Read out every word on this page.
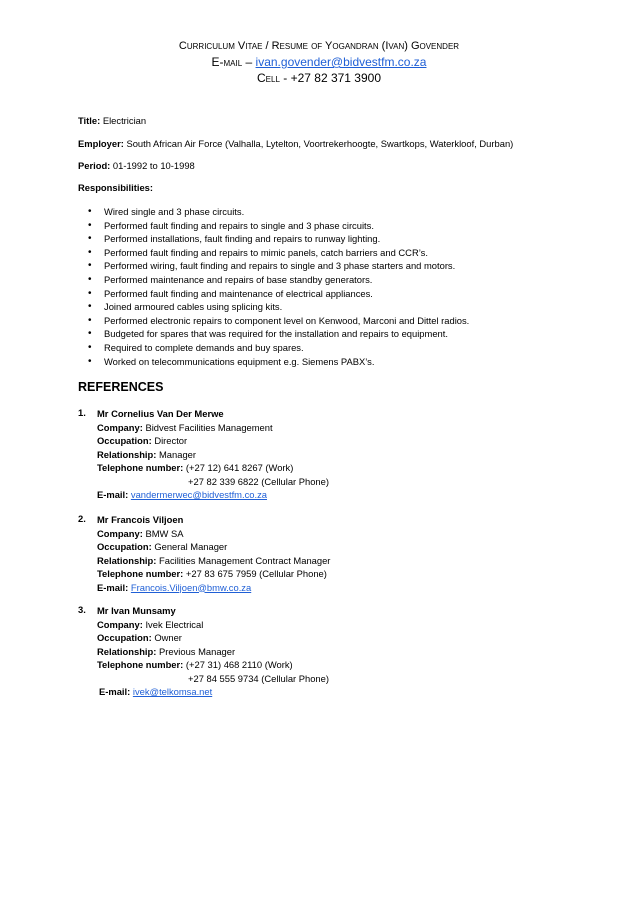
Curriculum Vitae / Resume of Yogandran (Ivan) Govender
E-mail – ivan.govender@bidvestfm.co.za
Cell - +27 82 371 3900
Title: Electrician
Employer: South African Air Force (Valhalla, Lytelton, Voortrekerhoogte, Swartkops, Waterkloof, Durban)
Period: 01-1992 to 10-1998
Responsibilities:
• Wired single and 3 phase circuits.
• Performed fault finding and repairs to single and 3 phase circuits.
• Performed installations, fault finding and repairs to runway lighting.
• Performed fault finding and repairs to mimic panels, catch barriers and CCR’s.
• Performed wiring, fault finding and repairs to single and 3 phase starters and motors.
• Performed maintenance and repairs of base standby generators.
• Performed fault finding and maintenance of electrical appliances.
• Joined armoured cables using splicing kits.
• Performed electronic repairs to component level on Kenwood, Marconi and Dittel radios.
• Budgeted for spares that was required for the installation and repairs to equipment.
• Required to complete demands and buy spares.
• Worked on telecommunications equipment e.g. Siemens PABX’s.
REFERENCES
1. Mr Cornelius Van Der Merwe
Company: Bidvest Facilities Management
Occupation: Director
Relationship: Manager
Telephone number: (+27 12) 641 8267 (Work)
+27 82 339 6822 (Cellular Phone)
E-mail: vandermerwec@bidvestfm.co.za
2. Mr Francois Viljoen
Company: BMW SA
Occupation: General Manager
Relationship: Facilities Management Contract Manager
Telephone number: +27 83 675 7959 (Cellular Phone)
E-mail: Francois.Viljoen@bmw.co.za
3. Mr Ivan Munsamy
Company: Ivek Electrical
Occupation: Owner
Relationship: Previous Manager
Telephone number: (+27 31) 468 2110 (Work)
+27 84 555 9734 (Cellular Phone)
E-mail: ivek@telkomsa.net
